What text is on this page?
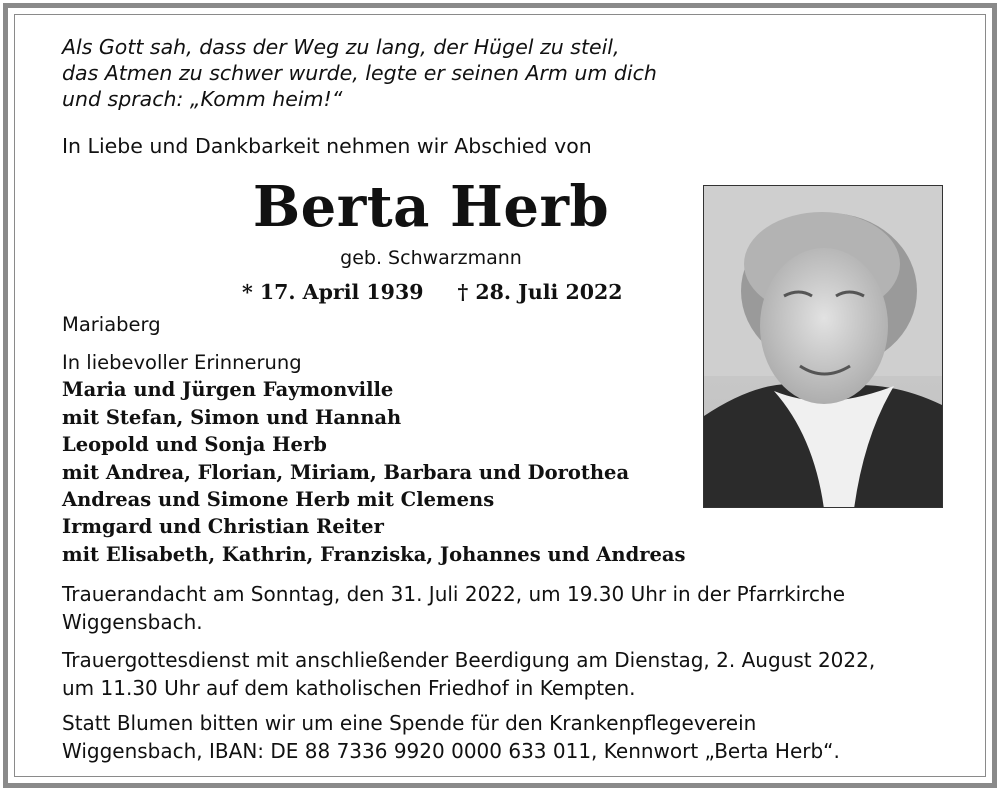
Als Gott sah, dass der Weg zu lang, der Hügel zu steil,
das Atmen zu schwer wurde, legte er seinen Arm um dich
und sprach: „Komm heim!“
In Liebe und Dankbarkeit nehmen wir Abschied von
Berta Herb
geb. Schwarzmann
* 17. April 1939 † 28. Juli 2022
Mariaberg
In liebevoller Erinnerung
Maria und Jürgen Faymonville
mit Stefan, Simon und Hannah
Leopold und Sonja Herb
mit Andrea, Florian, Miriam, Barbara und Dorothea
Andreas und Simone Herb mit Clemens
Irmgard und Christian Reiter
mit Elisabeth, Kathrin, Franziska, Johannes und Andreas
Trauerandacht am Sonntag, den 31. Juli 2022, um 19.30 Uhr in der Pfarrkirche
Wiggensbach.
Trauergottesdienst mit anschließender Beerdigung am Dienstag, 2. August 2022,
um 11.30 Uhr auf dem katholischen Friedhof in Kempten.
Statt Blumen bitten wir um eine Spende für den Krankenpflegeverein
Wiggensbach, IBAN: DE 88 7336 9920 0000 633 011, Kennwort „Berta Herb“.
